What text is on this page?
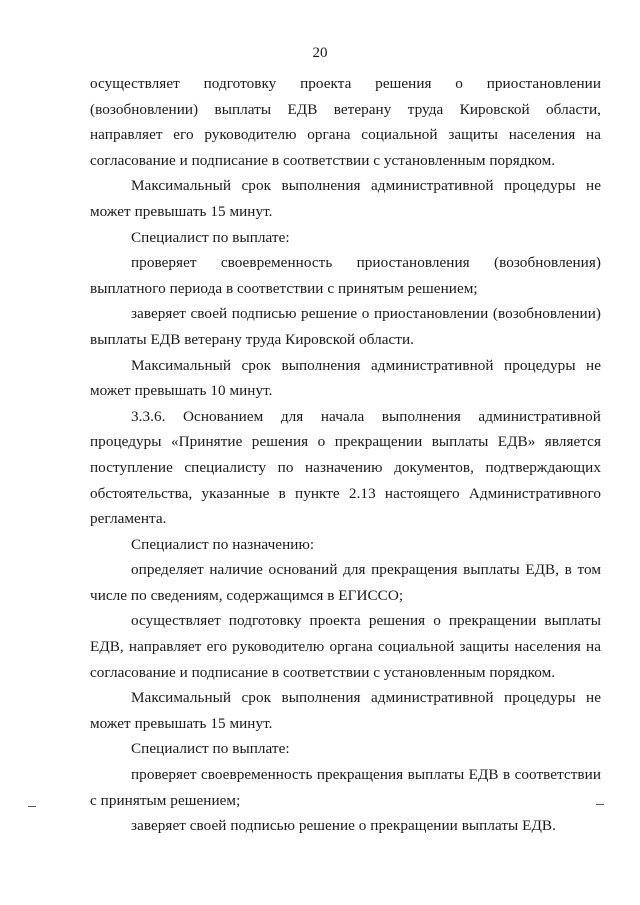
20

осуществляет подготовку проекта решения о приостановлении (возобновлении) выплаты ЕДВ ветерану труда Кировской области, направляет его руководителю органа социальной защиты населения на согласование и подписание в соответствии с установленным порядком.

Максимальный срок выполнения административной процедуры не может превышать 15 минут.

Специалист по выплате:

проверяет своевременность приостановления (возобновления) выплатного периода в соответствии с принятым решением;

заверяет своей подписью решение о приостановлении (возобновлении) выплаты ЕДВ ветерану труда Кировской области.

Максимальный срок выполнения административной процедуры не может превышать 10 минут.

3.3.6. Основанием для начала выполнения административной процедуры «Принятие решения о прекращении выплаты ЕДВ» является поступление специалисту по назначению документов, подтверждающих обстоятельства, указанные в пункте 2.13 настоящего Административного регламента.

Специалист по назначению:

определяет наличие оснований для прекращения выплаты ЕДВ, в том числе по сведениям, содержащимся в ЕГИССО;

осуществляет подготовку проекта решения о прекращении выплаты ЕДВ, направляет его руководителю органа социальной защиты населения на согласование и подписание в соответствии с установленным порядком.

Максимальный срок выполнения административной процедуры не может превышать 15 минут.

Специалист по выплате:

проверяет своевременность прекращения выплаты ЕДВ в соответствии с принятым решением;

заверяет своей подписью решение о прекращении выплаты ЕДВ.
